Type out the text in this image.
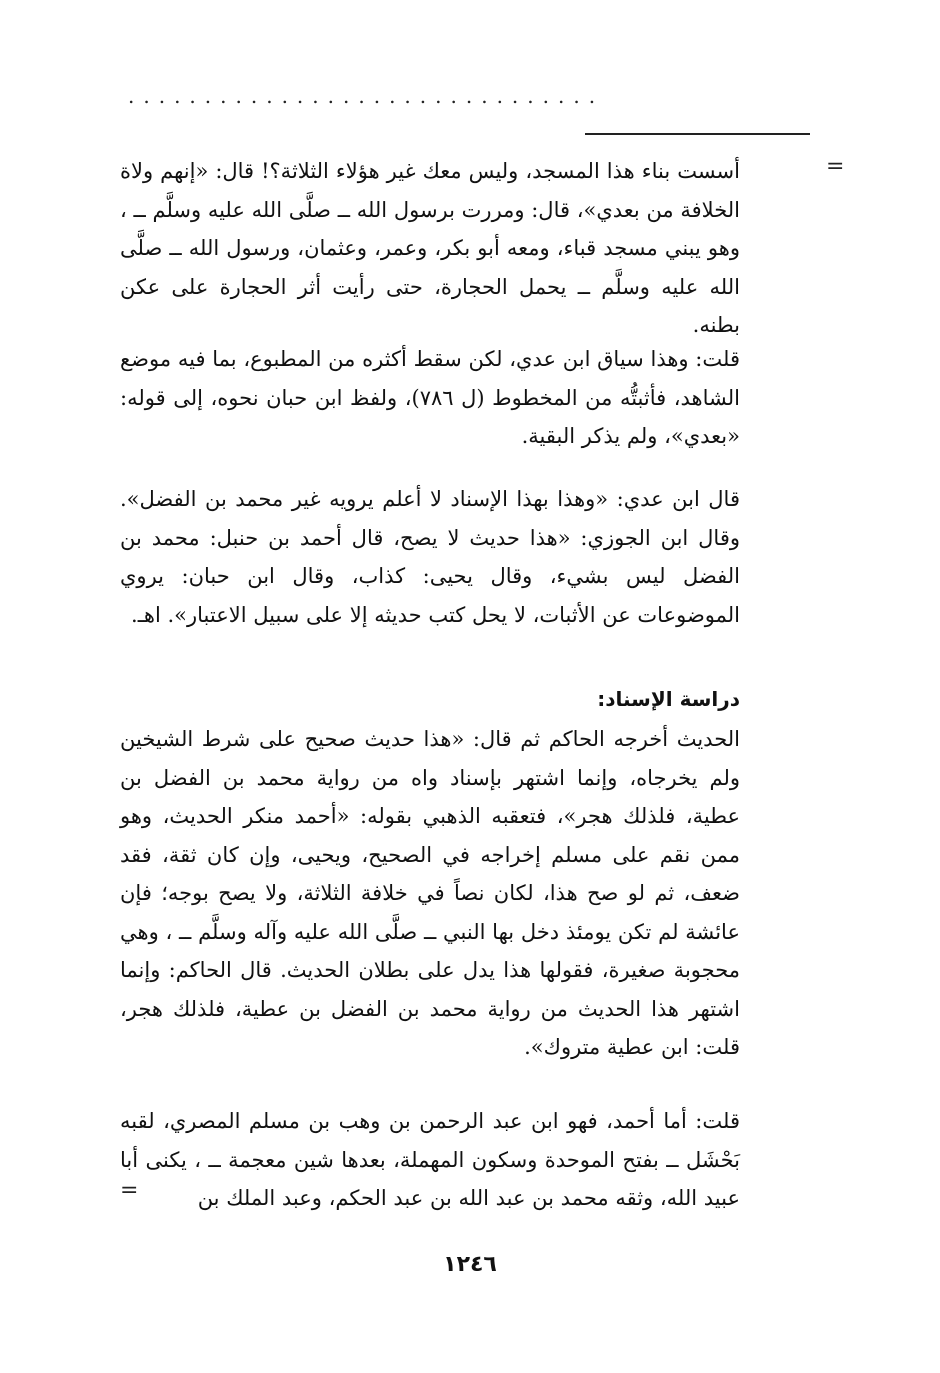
...............................
=
أسست بناء هذا المسجد، وليس معك غير هؤلاء الثلاثة؟! قال: «إنهم ولاة الخلافة من بعدي»، قال: ومررت برسول الله ــ صلَّى الله عليه وسلَّم ــ ، وهو يبني مسجد قباء، ومعه أبو بكر، وعمر، وعثمان، ورسول الله ــ صلَّى الله عليه وسلَّم ــ يحمل الحجارة، حتى رأيت أثر الحجارة على عكن بطنه.
قلت: وهذا سياق ابن عدي، لكن سقط أكثره من المطبوع، بما فيه موضع الشاهد، فأثبتُّه من المخطوط (ل ٧٨٦)، ولفظ ابن حبان نحوه، إلى قوله: «بعدي»، ولم يذكر البقية.
قال ابن عدي: «وهذا بهذا الإسناد لا أعلم يرويه غير محمد بن الفضل». وقال ابن الجوزي: «هذا حديث لا يصح، قال أحمد بن حنبل: محمد بن الفضل ليس بشيء، وقال يحيى: كذاب، وقال ابن حبان: يروي الموضوعات عن الأثبات، لا يحل كتب حديثه إلا على سبيل الاعتبار». اهـ.
دراسة الإسناد:
الحديث أخرجه الحاكم ثم قال: «هذا حديث صحيح على شرط الشيخين ولم يخرجاه، وإنما اشتهر بإسناد واه من رواية محمد بن الفضل بن عطية، فلذلك هجر»، فتعقبه الذهبي بقوله: «أحمد منكر الحديث، وهو ممن نقم على مسلم إخراجه في الصحيح، ويحيى، وإن كان ثقة، فقد ضعف، ثم لو صح هذا، لكان نصاً في خلافة الثلاثة، ولا يصح بوجه؛ فإن عائشة لم تكن يومئذ دخل بها النبي ــ صلَّى الله عليه وآله وسلَّم ــ ، وهي محجوبة صغيرة، فقولها هذا يدل على بطلان الحديث. قال الحاكم: وإنما اشتهر هذا الحديث من رواية محمد بن الفضل بن عطية، فلذلك هجر، قلت: ابن عطية متروك».
قلت: أما أحمد، فهو ابن عبد الرحمن بن وهب بن مسلم المصري، لقبه بَحْشَل ــ بفتح الموحدة وسكون المهملة، بعدها شين معجمة ــ ، يكنى أبا عبيد الله، وثقه محمد بن عبد الله بن عبد الحكم، وعبد الملك بن
=
١٢٤٦
